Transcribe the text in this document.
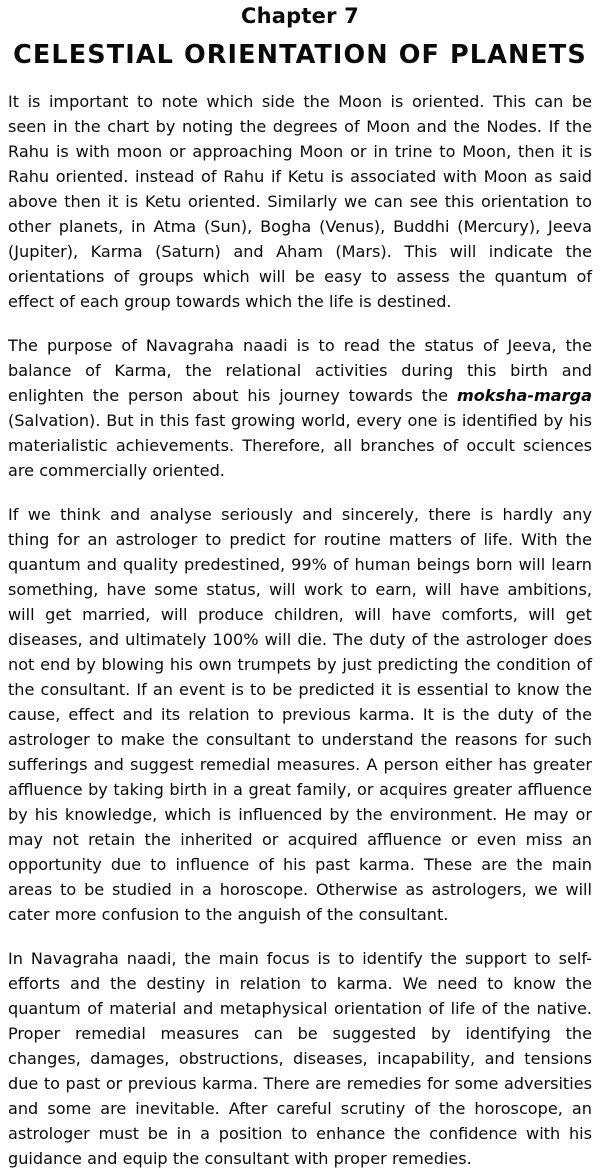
Chapter 7
CELESTIAL ORIENTATION OF PLANETS

It is important to note which side the Moon is oriented. This can be seen in the chart by noting the degrees of Moon and the Nodes. If the Rahu is with moon or approaching Moon or in trine to Moon, then it is Rahu oriented. instead of Rahu if Ketu is associated with Moon as said above then it is Ketu oriented. Similarly we can see this orientation to other planets, in Atma (Sun), Bogha (Venus), Buddhi (Mercury), Jeeva (Jupiter), Karma (Saturn) and Aham (Mars). This will indicate the orientations of groups which will be easy to assess the quantum of effect of each group towards which the life is destined.

The purpose of Navagraha naadi is to read the status of Jeeva, the balance of Karma, the relational activities during this birth and enlighten the person about his journey towards the moksha-marga (Salvation). But in this fast growing world, every one is identified by his materialistic achievements. Therefore, all branches of occult sciences are commercially oriented.

If we think and analyse seriously and sincerely, there is hardly any thing for an astrologer to predict for routine matters of life. With the quantum and quality predestined, 99% of human beings born will learn something, have some status, will work to earn, will have ambitions, will get married, will produce children, will have comforts, will get diseases, and ultimately 100% will die. The duty of the astrologer does not end by blowing his own trumpets by just predicting the condition of the consultant. If an event is to be predicted it is essential to know the cause, effect and its relation to previous karma. It is the duty of the astrologer to make the consultant to understand the reasons for such sufferings and suggest remedial measures. A person either has greater affluence by taking birth in a great family, or acquires greater affluence by his knowledge, which is influenced by the environment. He may or may not retain the inherited or acquired affluence or even miss an opportunity due to influence of his past karma. These are the main areas to be studied in a horoscope. Otherwise as astrologers, we will cater more confusion to the anguish of the consultant.

In Navagraha naadi, the main focus is to identify the support to self-efforts and the destiny in relation to karma. We need to know the quantum of material and metaphysical orientation of life of the native. Proper remedial measures can be suggested by identifying the changes, damages, obstructions, diseases, incapability, and tensions due to past or previous karma. There are remedies for some adversities and some are inevitable. After careful scrutiny of the horoscope, an astrologer must be in a position to enhance the confidence with his guidance and equip the consultant with proper remedies.
